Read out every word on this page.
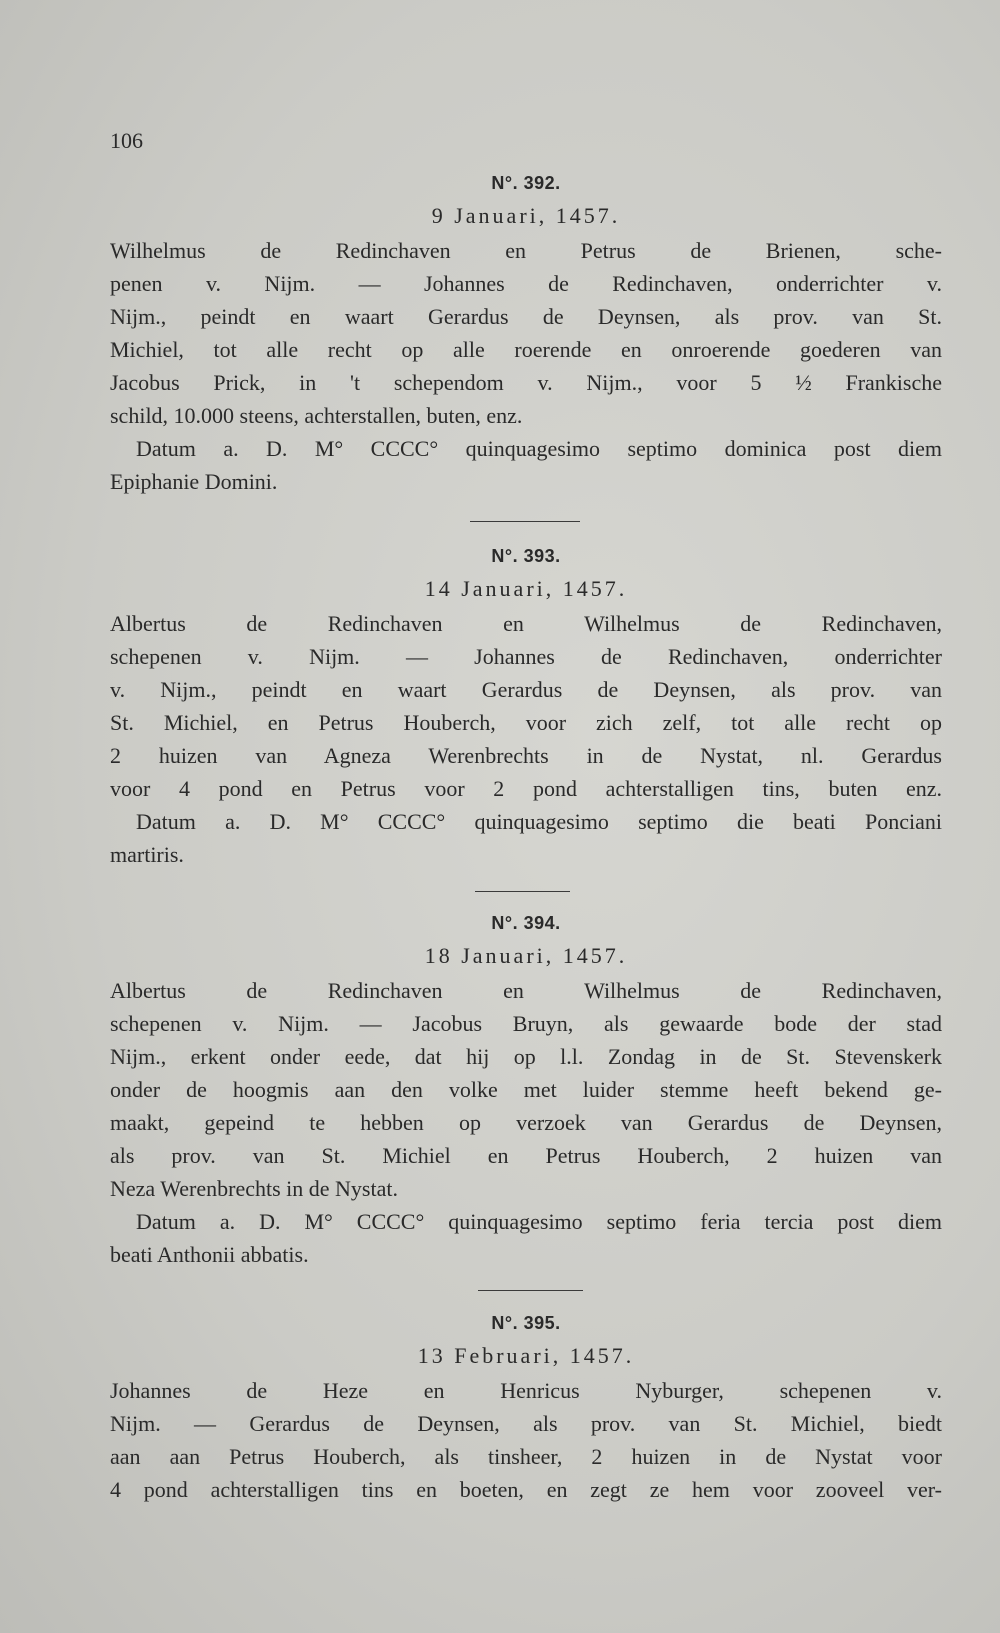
106
N°. 392.
9 Januari, 1457.
Wilhelmus de Redinchaven en Petrus de Brienen, sche-
penen v. Nijm. — Johannes de Redinchaven, onderrichter v.
Nijm., peindt en waart Gerardus de Deynsen, als prov. van St.
Michiel, tot alle recht op alle roerende en onroerende goederen van
Jacobus Prick, in 't schependom v. Nijm., voor 5 ½ Frankische
schild, 10.000 steens, achterstallen, buten, enz.
Datum a. D. M° CCCC° quinquagesimo septimo dominica post diem
Epiphanie Domini.
N°. 393.
14 Januari, 1457.
Albertus de Redinchaven en Wilhelmus de Redinchaven,
schepenen v. Nijm. — Johannes de Redinchaven, onderrichter
v. Nijm., peindt en waart Gerardus de Deynsen, als prov. van
St. Michiel, en Petrus Houberch, voor zich zelf, tot alle recht op
2 huizen van Agneza Werenbrechts in de Nystat, nl. Gerardus
voor 4 pond en Petrus voor 2 pond achterstalligen tins, buten enz.
Datum a. D. M° CCCC° quinquagesimo septimo die beati Ponciani
martiris.
N°. 394.
18 Januari, 1457.
Albertus de Redinchaven en Wilhelmus de Redinchaven,
schepenen v. Nijm. — Jacobus Bruyn, als gewaarde bode der stad
Nijm., erkent onder eede, dat hij op l.l. Zondag in de St. Stevenskerk
onder de hoogmis aan den volke met luider stemme heeft bekend ge-
maakt, gepeind te hebben op verzoek van Gerardus de Deynsen,
als prov. van St. Michiel en Petrus Houberch, 2 huizen van
Neza Werenbrechts in de Nystat.
Datum a. D. M° CCCC° quinquagesimo septimo feria tercia post diem
beati Anthonii abbatis.
N°. 395.
13 Februari, 1457.
Johannes de Heze en Henricus Nyburger, schepenen v.
Nijm. — Gerardus de Deynsen, als prov. van St. Michiel, biedt
aan aan Petrus Houberch, als tinsheer, 2 huizen in de Nystat voor
4 pond achterstalligen tins en boeten, en zegt ze hem voor zooveel ver-
